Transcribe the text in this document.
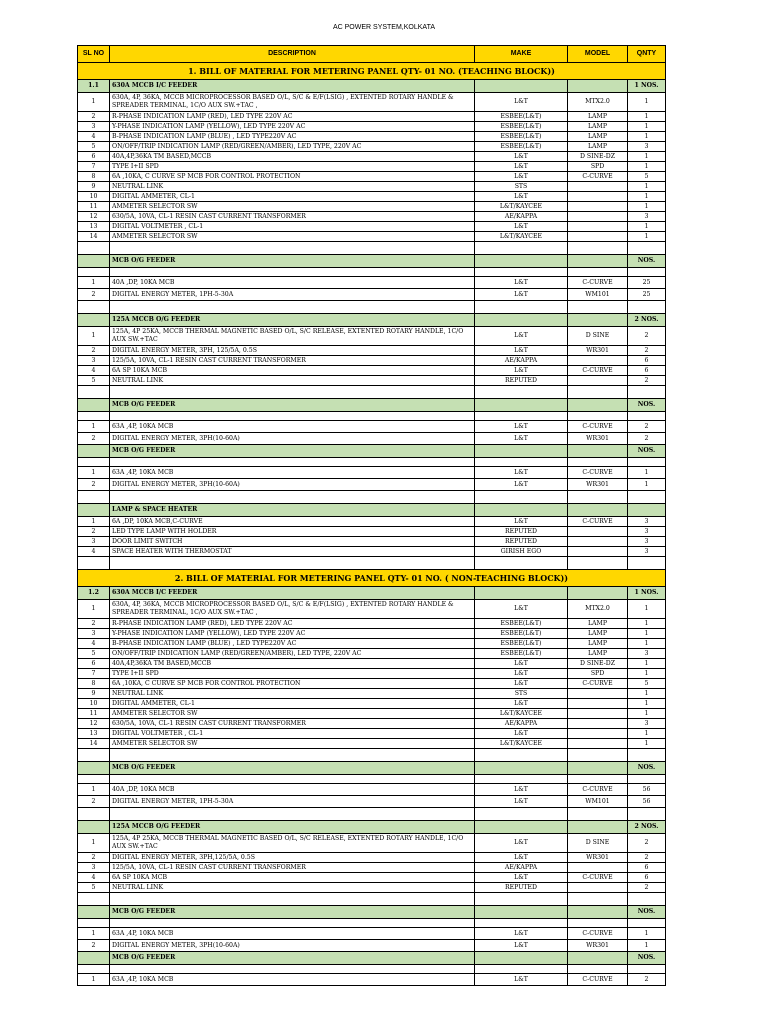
AC POWER SYSTEM,KOLKATA
SL NO	DESCRIPTION	MAKE	MODEL	QNTY
1. BILL OF MATERIAL FOR METERING PANEL QTY- 01 NO. (TEACHING BLOCK))				
1.1	630A MCCB I/C FEEDER			1 NOS.
1	630A, 4P, 36KA, MCCB MICROPROCESSOR BASED O/L, S/C & E/F(LSIG) , EXTENTED ROTARY HANDLE & SPREADER TERMINAL, 1C/O AUX SW.+TAC ,	L&T	MTX2.0	1
2	R-PHASE INDICATION LAMP (RED), LED TYPE 220V AC	ESBEE(L&T)	LAMP	1
3	Y-PHASE INDICATION LAMP (YELLOW), LED TYPE 220V AC	ESBEE(L&T)	LAMP	1
4	B-PHASE INDICATION LAMP (BLUE) , LED TYPE220V AC	ESBEE(L&T)	LAMP	1
5	ON/OFF/TRIP INDICATION LAMP (RED/GREEN/AMBER), LED TYPE, 220V AC	ESBEE(L&T)	LAMP	3
6	40A,4P,36KA TM BASED,MCCB	L&T	D SINE-DZ	1
7	TYPE I+II SPD	L&T	SPD	1
8	6A ,10KA, C CURVE SP MCB FOR CONTROL PROTECTION	L&T	C-CURVE	5
9	NEUTRAL LINK	STS		1
10	DIGITAL AMMETER, CL-1	L&T		1
11	AMMETER SELECTOR SW	L&T/KAYCEE		1
12	630/5A, 10VA, CL-1 RESIN CAST CURRENT TRANSFORMER	AE/KAPPA		3
13	DIGITAL VOLTMETER , CL-1	L&T		1
14	AMMETER SELECTOR SW	L&T/KAYCEE		1

	MCB O/G FEEDER			NOS.

1	40A ,DP, 10KA MCB	L&T	C-CURVE	25
2	DIGITAL ENERGY METER, 1PH-5-30A	L&T	WM101	25

	125A MCCB O/G FEEDER			2 NOS.
1	125A, 4P 25KA, MCCB THERMAL MAGNETIC BASED O/L, S/C RELEASE, EXTENTED ROTARY HANDLE, 1C/O AUX SW.+TAC	L&T	D SINE	2
2	DIGITAL ENERGY METER, 3PH, 125/5A, 0.5S	L&T	WR301	2
3	125/5A, 10VA, CL-1 RESIN CAST CURRENT TRANSFORMER	AE/KAPPA		6
4	6A SP 10KA MCB	L&T	C-CURVE	6
5	NEUTRAL LINK	REPUTED		2

	MCB O/G FEEDER			NOS.

1	63A ,4P, 10KA MCB	L&T	C-CURVE	2
2	DIGITAL ENERGY METER, 3PH(10-60A)	L&T	WR301	2
	MCB O/G FEEDER			NOS.

1	63A ,4P, 10KA MCB	L&T	C-CURVE	1
2	DIGITAL ENERGY METER, 3PH(10-60A)	L&T	WR301	1

	LAMP & SPACE HEATER			
1	6A ,DP, 10KA MCB,C-CURVE	L&T	C-CURVE	3
2	LED TYPE LAMP WITH HOLDER	REPUTED		3
3	DOOR LIMIT SWITCH	REPUTED		3
4	SPACE HEATER WITH THERMOSTAT	GIRISH EGO		3

2. BILL OF MATERIAL FOR METERING PANEL QTY- 01 NO. ( NON-TEACHING BLOCK))				
1.2	630A MCCB I/C FEEDER			1 NOS.
1	630A, 4P, 36KA, MCCB MICROPROCESSOR BASED O/L, S/C & E/F(LSIG) , EXTENTED ROTARY HANDLE & SPREADER TERMINAL, 1C/O AUX SW.+TAC ,	L&T	MTX2.0	1
2	R-PHASE INDICATION LAMP (RED), LED TYPE 220V AC	ESBEE(L&T)	LAMP	1
3	Y-PHASE INDICATION LAMP (YELLOW), LED TYPE 220V AC	ESBEE(L&T)	LAMP	1
4	B-PHASE INDICATION LAMP (BLUE) , LED TYPE220V AC	ESBEE(L&T)	LAMP	1
5	ON/OFF/TRIP INDICATION LAMP (RED/GREEN/AMBER), LED TYPE, 220V AC	ESBEE(L&T)	LAMP	3
6	40A,4P,36KA TM BASED,MCCB	L&T	D SINE-DZ	1
7	TYPE I+II SPD	L&T	SPD	1
8	6A ,10KA, C CURVE SP MCB FOR CONTROL PROTECTION	L&T	C-CURVE	5
9	NEUTRAL LINK	STS		1
10	DIGITAL AMMETER, CL-1	L&T		1
11	AMMETER SELECTOR SW	L&T/KAYCEE		1
12	630/5A, 10VA, CL-1 RESIN CAST CURRENT TRANSFORMER	AE/KAPPA		3
13	DIGITAL VOLTMETER , CL-1	L&T		1
14	AMMETER SELECTOR SW	L&T/KAYCEE		1

	MCB O/G FEEDER			NOS.

1	40A ,DP, 10KA MCB	L&T	C-CURVE	56
2	DIGITAL ENERGY METER, 1PH-5-30A	L&T	WM101	56

	125A MCCB O/G FEEDER			2 NOS.
1	125A, 4P 25KA, MCCB THERMAL MAGNETIC BASED O/L, S/C RELEASE, EXTENTED ROTARY HANDLE, 1C/O AUX SW.+TAC	L&T	D SINE	2
2	DIGITAL ENERGY METER, 3PH,125/5A, 0.5S	L&T	WR301	2
3	125/5A, 10VA, CL-1 RESIN CAST CURRENT TRANSFORMER	AE/KAPPA		6
4	6A SP 10KA MCB	L&T	C-CURVE	6
5	NEUTRAL LINK	REPUTED		2

	MCB O/G FEEDER			NOS.

1	63A ,4P, 10KA MCB	L&T	C-CURVE	1
2	DIGITAL ENERGY METER, 3PH(10-60A)	L&T	WR301	1
	MCB O/G FEEDER			NOS.

1	63A ,4P, 10KA MCB	L&T	C-CURVE	2
